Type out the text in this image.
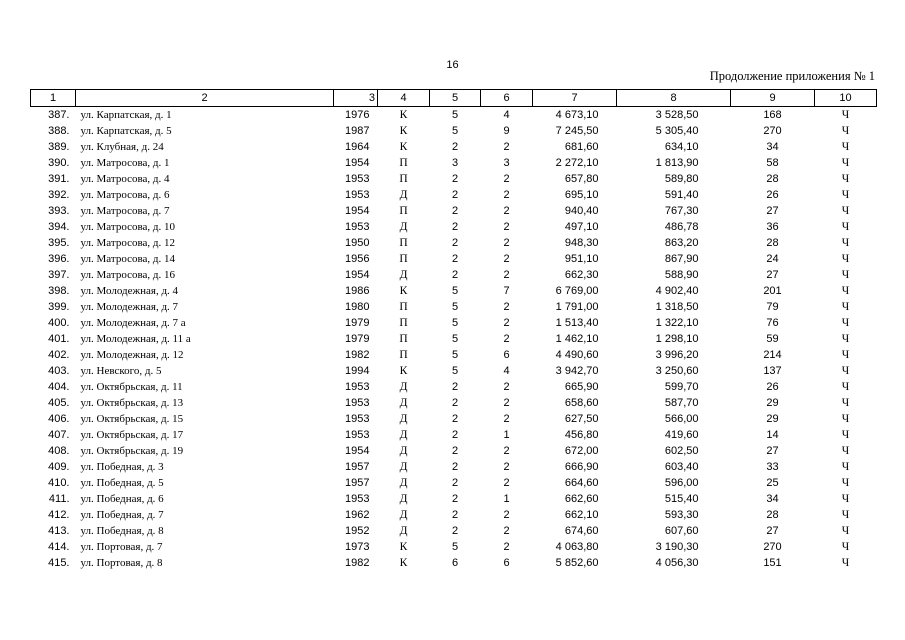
16
Продолжение приложения № 1
1	2	3	4	5	6	7	8	9	10
387.	ул. Карпатская, д. 1	1976	К	5	4	4 673,10	3 528,50	168	Ч
388.	ул. Карпатская, д. 5	1987	К	5	9	7 245,50	5 305,40	270	Ч
389.	ул. Клубная, д. 24	1964	К	2	2	681,60	634,10	34	Ч
390.	ул. Матросова, д. 1	1954	П	3	3	2 272,10	1 813,90	58	Ч
391.	ул. Матросова, д. 4	1953	П	2	2	657,80	589,80	28	Ч
392.	ул. Матросова, д. 6	1953	Д	2	2	695,10	591,40	26	Ч
393.	ул. Матросова, д. 7	1954	П	2	2	940,40	767,30	27	Ч
394.	ул. Матросова, д. 10	1953	Д	2	2	497,10	486,78	36	Ч
395.	ул. Матросова, д. 12	1950	П	2	2	948,30	863,20	28	Ч
396.	ул. Матросова, д. 14	1956	П	2	2	951,10	867,90	24	Ч
397.	ул. Матросова, д. 16	1954	Д	2	2	662,30	588,90	27	Ч
398.	ул. Молодежная, д. 4	1986	К	5	7	6 769,00	4 902,40	201	Ч
399.	ул. Молодежная, д. 7	1980	П	5	2	1 791,00	1 318,50	79	Ч
400.	ул. Молодежная, д. 7 а	1979	П	5	2	1 513,40	1 322,10	76	Ч
401.	ул. Молодежная, д. 11 а	1979	П	5	2	1 462,10	1 298,10	59	Ч
402.	ул. Молодежная, д. 12	1982	П	5	6	4 490,60	3 996,20	214	Ч
403.	ул. Невского, д. 5	1994	К	5	4	3 942,70	3 250,60	137	Ч
404.	ул. Октябрьская, д. 11	1953	Д	2	2	665,90	599,70	26	Ч
405.	ул. Октябрьская, д. 13	1953	Д	2	2	658,60	587,70	29	Ч
406.	ул. Октябрьская, д. 15	1953	Д	2	2	627,50	566,00	29	Ч
407.	ул. Октябрьская, д. 17	1953	Д	2	1	456,80	419,60	14	Ч
408.	ул. Октябрьская, д. 19	1954	Д	2	2	672,00	602,50	27	Ч
409.	ул. Победная, д. 3	1957	Д	2	2	666,90	603,40	33	Ч
410.	ул. Победная, д. 5	1957	Д	2	2	664,60	596,00	25	Ч
411.	ул. Победная, д. 6	1953	Д	2	1	662,60	515,40	34	Ч
412.	ул. Победная, д. 7	1962	Д	2	2	662,10	593,30	28	Ч
413.	ул. Победная, д. 8	1952	Д	2	2	674,60	607,60	27	Ч
414.	ул. Портовая, д. 7	1973	К	5	2	4 063,80	3 190,30	270	Ч
415.	ул. Портовая, д. 8	1982	К	6	6	5 852,60	4 056,30	151	Ч
